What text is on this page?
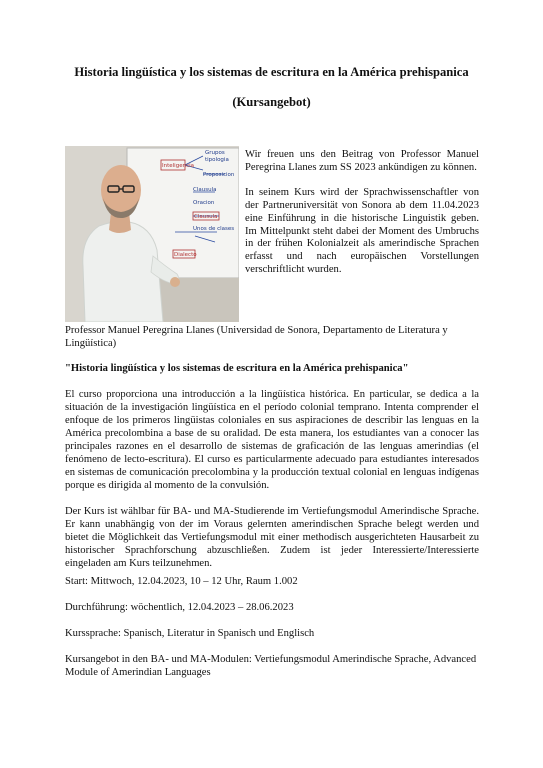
Historia lingüística y los sistemas de escritura en la América prehispanica
(Kursangebot)
Grupos
tipologia
Inteligencia
Proposicion
Clausula
Oracion
Clausula
Unos de clases
Dialecto

Wir freuen uns den Beitrag von Professor Manuel Peregrina Llanes zum SS 2023 ankündigen zu können.

In seinem Kurs wird der Sprachwissenschaftler von der Partneruniversität von Sonora ab dem 11.04.2023 eine Einführung in die historische Linguistik geben. Im Mittelpunkt steht dabei der Moment des Umbruchs in der frühen Kolonialzeit als amerindische Sprachen erfasst und nach europäischen Vorstellungen verschriftlicht wurden.

Professor Manuel Peregrina Llanes (Universidad de Sonora, Departamento de Literatura y Lingüística)

"Historia lingüística y los sistemas de escritura en la América prehispanica"

El curso proporciona una introducción a la lingüística histórica. En particular, se dedica a la situación de la investigación lingüística en el período colonial temprano. Intenta comprender el enfoque de los primeros lingüistas coloniales en sus aspiraciones de describir las lenguas en la América precolombina a base de su oralidad. De esta manera, los estudiantes van a conocer las principales razones en el desarrollo de sistemas de graficación de las lenguas amerindias (el fenómeno de lecto-escritura). El curso es particularmente adecuado para estudiantes interesados en sistemas de comunicación precolombina y la producción textual colonial en lenguas indígenas porque es dirigida al momento de la convulsión.

Der Kurs ist wählbar für BA- und MA-Studierende im Vertiefungsmodul Amerindische Sprache. Er kann unabhängig von der im Voraus gelernten amerindischen Sprache belegt werden und bietet die Möglichkeit das Vertiefungsmodul mit einer methodisch ausgerichteten Hausarbeit zu historischer Sprachforschung abzuschließen. Zudem ist jeder Interessierte/Interessierte eingeladen am Kurs teilzunehmen.

Start: Mittwoch, 12.04.2023, 10 – 12 Uhr, Raum 1.002

Durchführung: wöchentlich, 12.04.2023 – 28.06.2023

Kurssprache: Spanisch, Literatur in Spanisch und Englisch

Kursangebot in den BA- und MA-Modulen: Vertiefungsmodul Amerindische Sprache, Advanced Module of Amerindian Languages
